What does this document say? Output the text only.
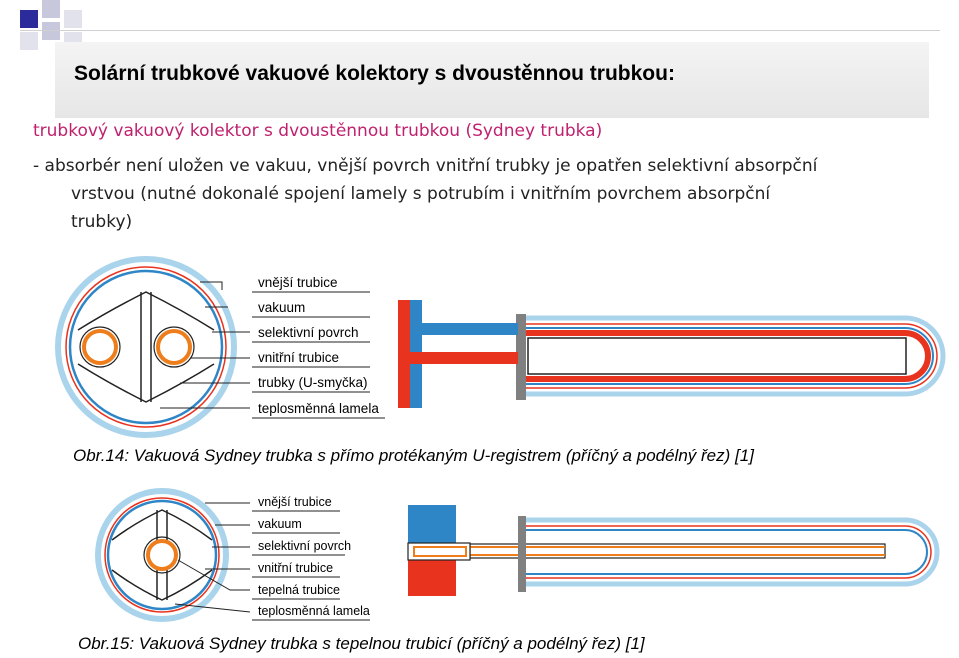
Solární trubkové vakuové kolektory s dvoustěnnou trubkou:
trubkový vakuový kolektor s dvoustěnnou trubkou (Sydney trubka)
- absorbér není uložen ve vakuu, vnější povrch vnitřní trubky je opatřen selektivní absorpční
vrstvou (nutné dokonalé spojení lamely s potrubím i vnitřním povrchem absorpční
trubky)
vnější trubice
vakuum
selektivní povrch
vnitřní trubice
trubky (U-smyčka)
teplosměnná lamela
Obr.14: Vakuová Sydney trubka s přímo protékaným U-registrem (příčný a podélný řez) [1]
vnější trubice
vakuum
selektivní povrch
vnitřní trubice
tepelná trubice
teplosměnná lamela
Obr.15: Vakuová Sydney trubka s tepelnou trubicí (příčný a podélný řez) [1]
